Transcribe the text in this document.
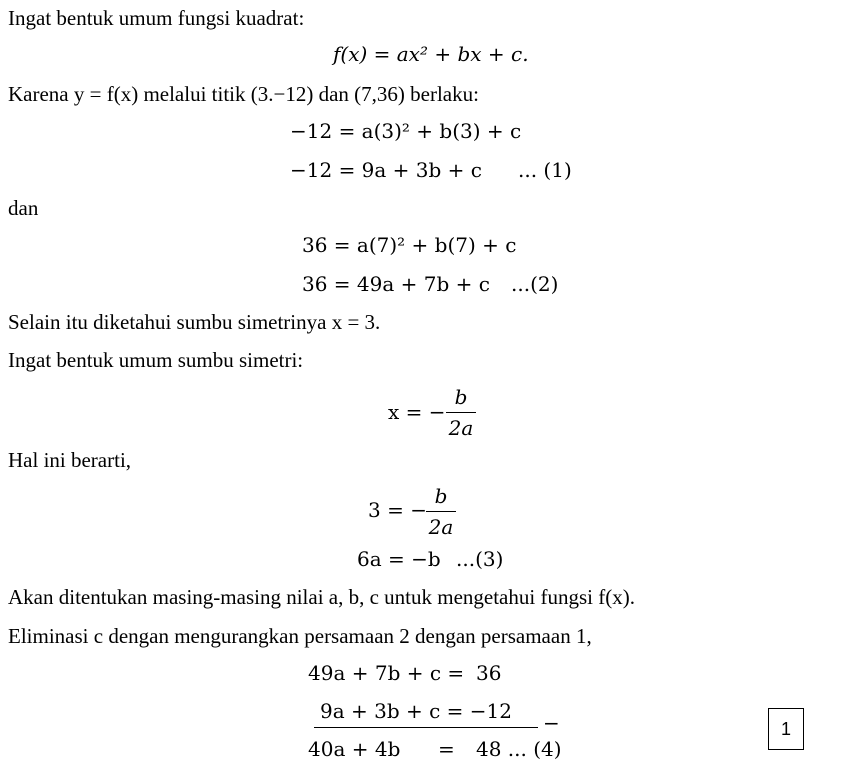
Ingat bentuk umum fungsi kuadrat:
f(x) = ax² + bx + c.
Karena y = f(x) melalui titik (3.−12) dan (7,36) berlaku:
−12 = a(3)² + b(3) + c
−12 = 9a + 3b + c ... (1)
dan
36 = a(7)² + b(7) + c
36 = 49a + 7b + c ...(2)
Selain itu diketahui sumbu simetrinya x = 3.
Ingat bentuk umum sumbu simetri:
x = −
b
2a
Hal ini berarti,
3 = −
b
2a
6a = −b ...(3)
Akan ditentukan masing-masing nilai a, b, c untuk mengetahui fungsi f(x).
Eliminasi c dengan mengurangkan persamaan 2 dengan persamaan 1,
49a + 7b + c = 36
9a + 3b + c = −12 −
40a + 4b = 48 ... (4)
1
